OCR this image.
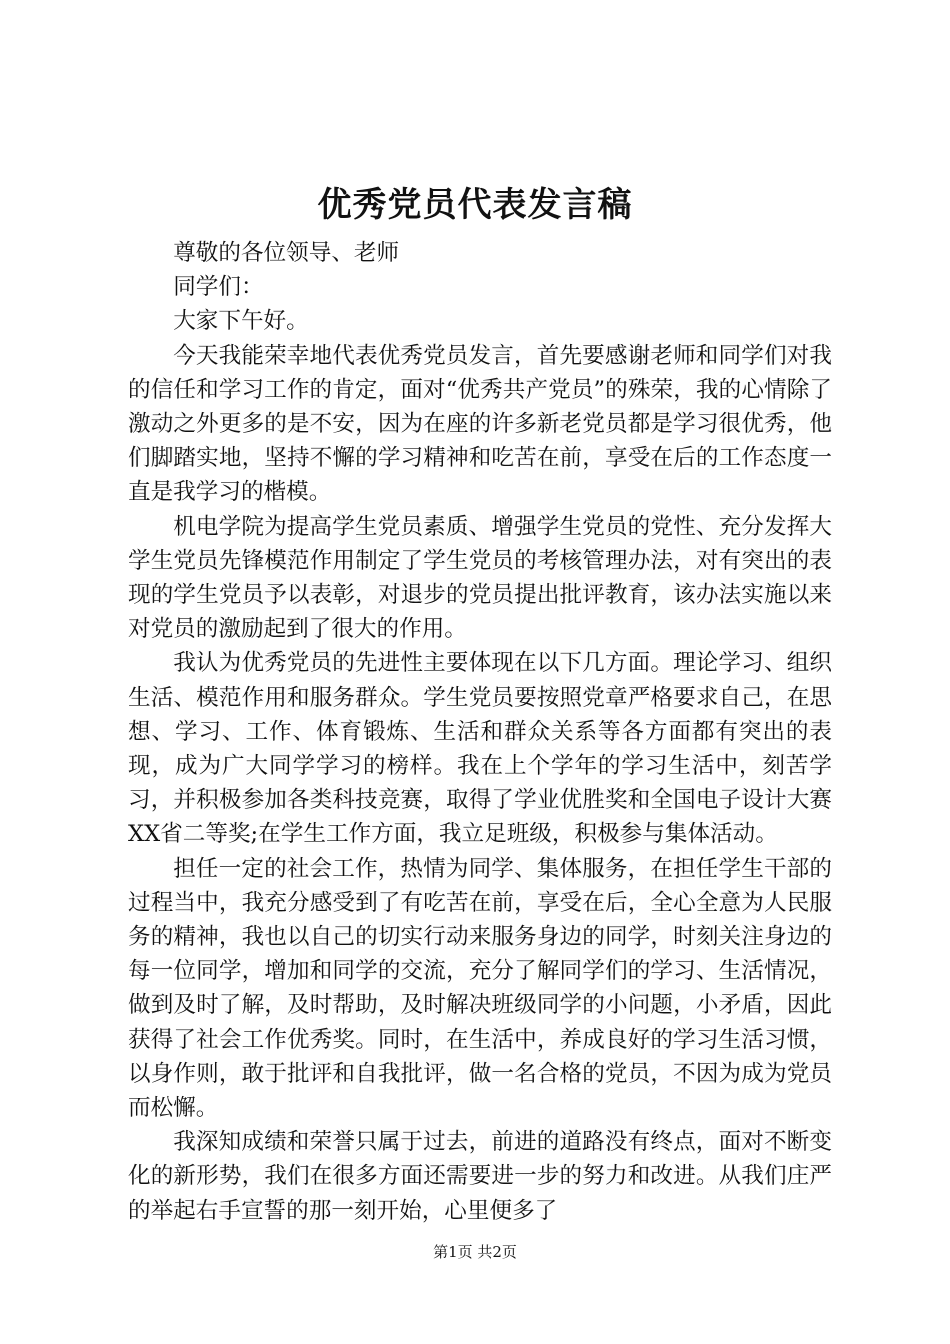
优秀党员代表发言稿

尊敬的各位领导、老师

同学们：

大家下午好。

今天我能荣幸地代表优秀党员发言，首先要感谢老师和同学们对我的信任和学习工作的肯定，面对“优秀共产党员”的殊荣，我的心情除了激动之外更多的是不安，因为在座的许多新老党员都是学习很优秀，他们脚踏实地，坚持不懈的学习精神和吃苦在前，享受在后的工作态度一直是我学习的楷模。

机电学院为提高学生党员素质、增强学生党员的党性、充分发挥大学生党员先锋模范作用制定了学生党员的考核管理办法，对有突出的表现的学生党员予以表彰，对退步的党员提出批评教育，该办法实施以来对党员的激励起到了很大的作用。

我认为优秀党员的先进性主要体现在以下几方面。理论学习、组织生活、模范作用和服务群众。学生党员要按照党章严格要求自己，在思想、学习、工作、体育锻炼、生活和群众关系等各方面都有突出的表现，成为广大同学学习的榜样。我在上个学年的学习生活中，刻苦学习，并积极参加各类科技竞赛，取得了学业优胜奖和全国电子设计大赛XX省二等奖;在学生工作方面，我立足班级，积极参与集体活动。

担任一定的社会工作，热情为同学、集体服务，在担任学生干部的过程当中，我充分感受到了有吃苦在前，享受在后，全心全意为人民服务的精神，我也以自己的切实行动来服务身边的同学，时刻关注身边的每一位同学，增加和同学的交流，充分了解同学们的学习、生活情况，做到及时了解，及时帮助，及时解决班级同学的小问题，小矛盾，因此获得了社会工作优秀奖。同时，在生活中，养成良好的学习生活习惯，以身作则，敢于批评和自我批评，做一名合格的党员，不因为成为党员而松懈。

我深知成绩和荣誉只属于过去，前进的道路没有终点，面对不断变化的新形势，我们在很多方面还需要进一步的努力和改进。从我们庄严的举起右手宣誓的那一刻开始，心里便多了

第1页 共2页
